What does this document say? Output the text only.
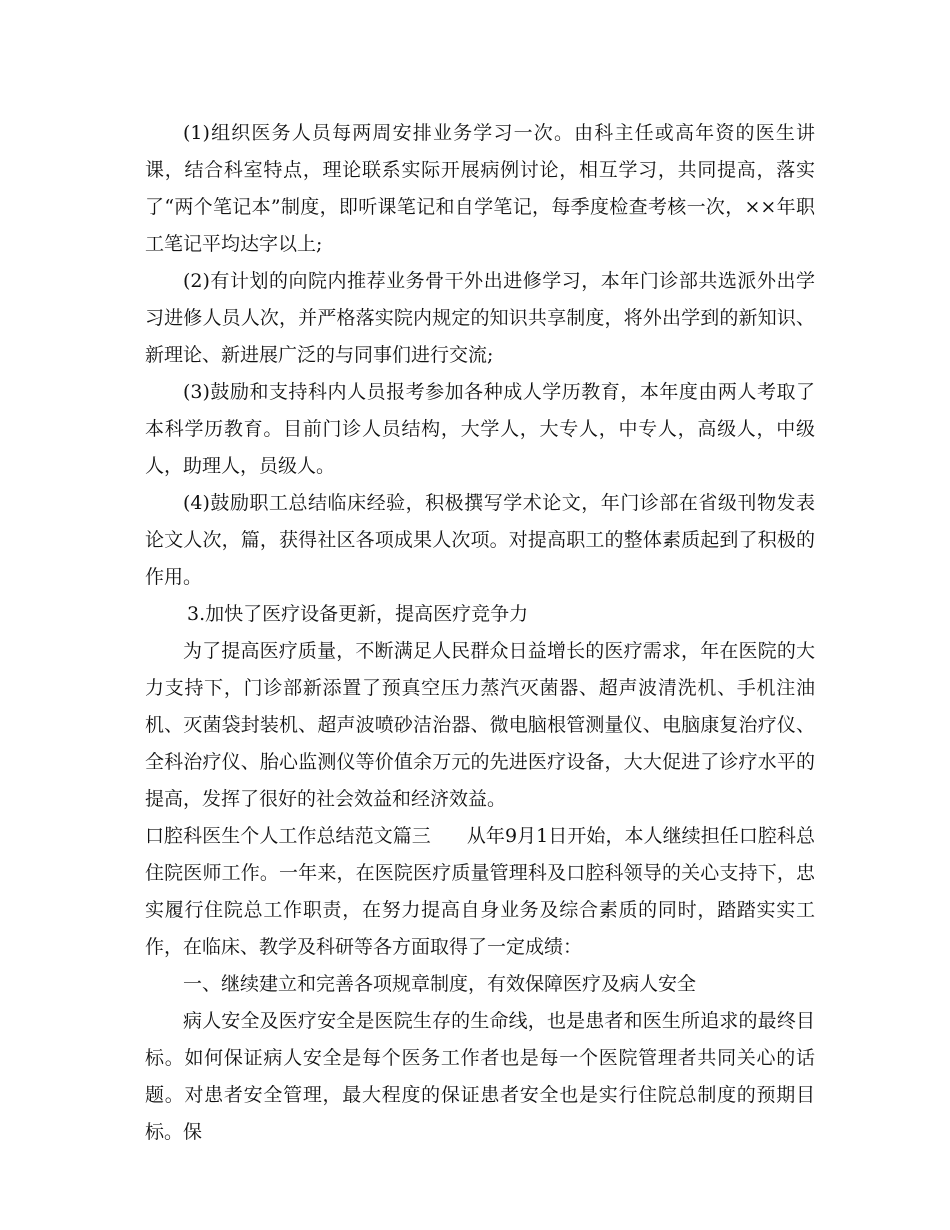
(1)组织医务人员每两周安排业务学习一次。由科主任或高年资的医生讲课，结合科室特点，理论联系实际开展病例讨论，相互学习，共同提高，落实了“两个笔记本”制度，即听课笔记和自学笔记，每季度检查考核一次，××年职工笔记平均达字以上;

(2)有计划的向院内推荐业务骨干外出进修学习，本年门诊部共选派外出学习进修人员人次，并严格落实院内规定的知识共享制度，将外出学到的新知识、新理论、新进展广泛的与同事们进行交流;

(3)鼓励和支持科内人员报考参加各种成人学历教育，本年度由两人考取了本科学历教育。目前门诊人员结构，大学人，大专人，中专人，高级人，中级人，助理人，员级人。

(4)鼓励职工总结临床经验，积极撰写学术论文，年门诊部在省级刊物发表论文人次，篇，获得社区各项成果人次项。对提高职工的整体素质起到了积极的作用。

3.加快了医疗设备更新，提高医疗竞争力

为了提高医疗质量，不断满足人民群众日益增长的医疗需求，年在医院的大力支持下，门诊部新添置了预真空压力蒸汽灭菌器、超声波清洗机、手机注油机、灭菌袋封装机、超声波喷砂洁治器、微电脑根管测量仪、电脑康复治疗仪、全科治疗仪、胎心监测仪等价值余万元的先进医疗设备，大大促进了诊疗水平的提高，发挥了很好的社会效益和经济效益。

口腔科医生个人工作总结范文篇三 从年9月1日开始，本人继续担任口腔科总住院医师工作。一年来，在医院医疗质量管理科及口腔科领导的关心支持下，忠实履行住院总工作职责，在努力提高自身业务及综合素质的同时，踏踏实实工作，在临床、教学及科研等各方面取得了一定成绩：

一、继续建立和完善各项规章制度，有效保障医疗及病人安全

病人安全及医疗安全是医院生存的生命线，也是患者和医生所追求的最终目标。如何保证病人安全是每个医务工作者也是每一个医院管理者共同关心的话题。对患者安全管理，最大程度的保证患者安全也是实行住院总制度的预期目标。保
